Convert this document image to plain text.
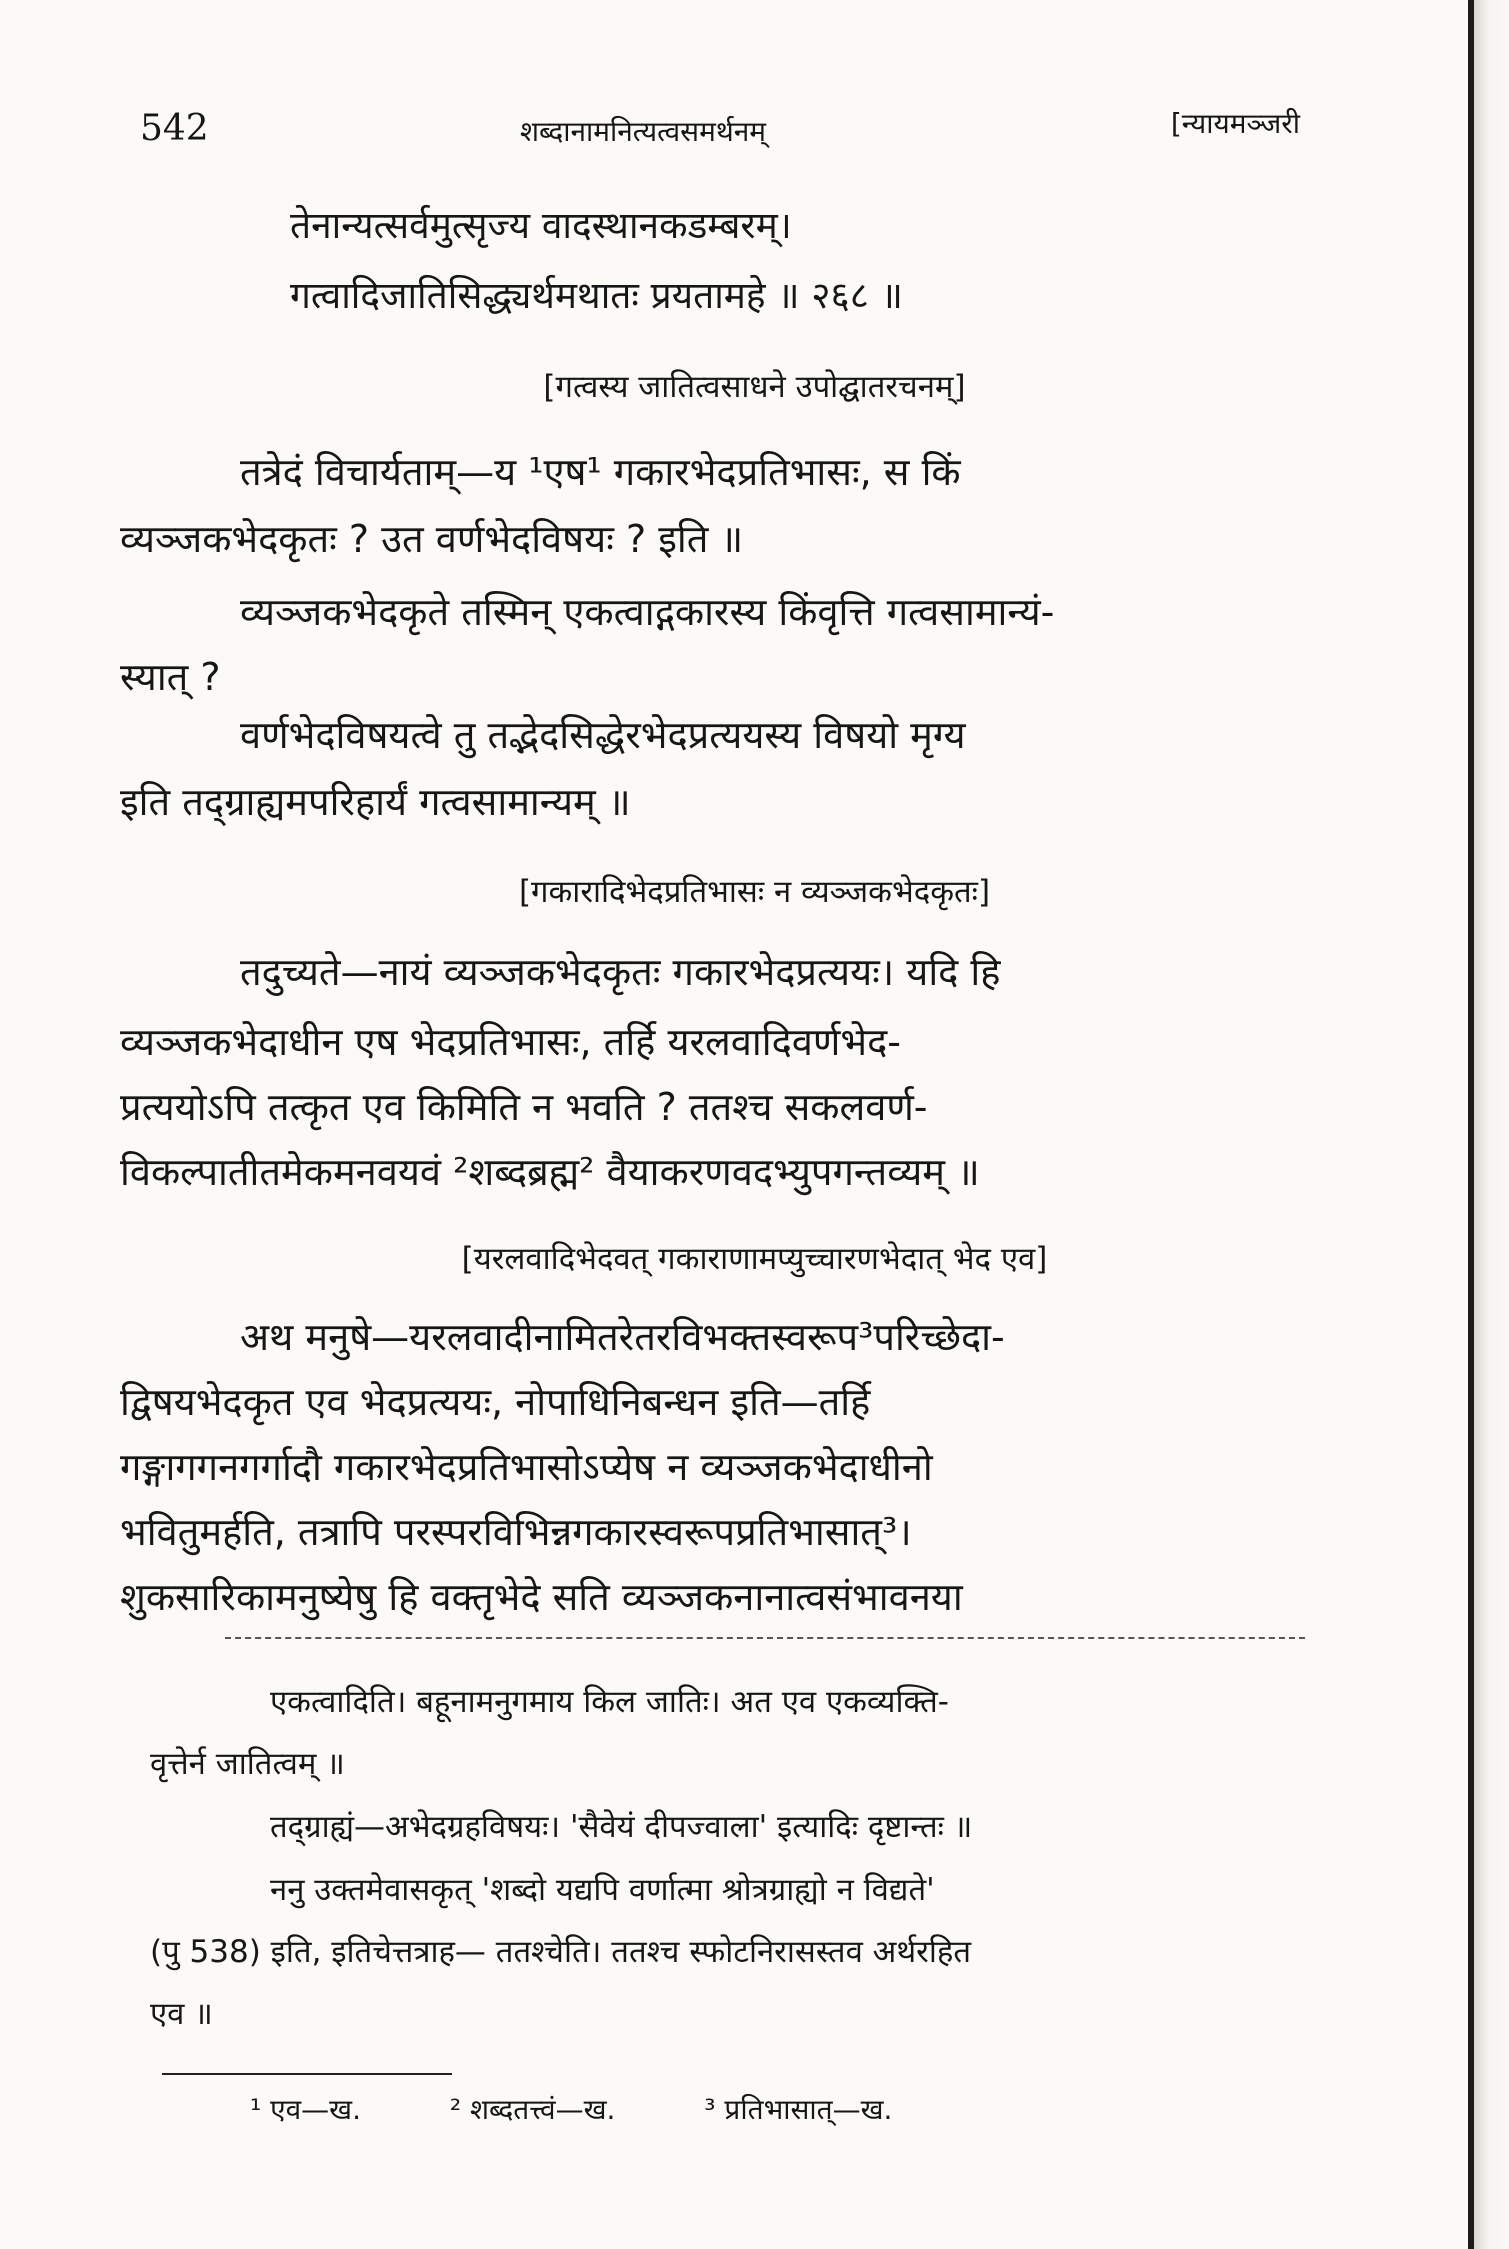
542	शब्दानामनित्यत्वसमर्थनम्	[न्यायमञ्जरी
तेनान्यत्सर्वमुत्सृज्य वादस्थानकडम्बरम्।
गत्वादिजातिसिद्ध्यर्थमथातः प्रयतामहे ॥ २६८ ॥
[गत्वस्य जातित्वसाधने उपोद्घातरचनम्]
तत्रेदं विचार्यताम्—य ¹एष¹ गकारभेदप्रतिभासः, स किं
व्यञ्जकभेदकृतः ? उत वर्णभेदविषयः ? इति ॥
व्यञ्जकभेदकृते तस्मिन् एकत्वाद्गकारस्य किंवृत्ति गत्वसामान्यं-
स्यात् ?
वर्णभेदविषयत्वे तु तद्भेदसिद्धेरभेदप्रत्ययस्य विषयो मृग्य
इति तद्ग्राह्यमपरिहार्यं गत्वसामान्यम् ॥
[गकारादिभेदप्रतिभासः न व्यञ्जकभेदकृतः]
तदुच्यते—नायं व्यञ्जकभेदकृतः गकारभेदप्रत्ययः। यदि हि
व्यञ्जकभेदाधीन एष भेदप्रतिभासः, तर्हि यरलवादिवर्णभेद-
प्रत्ययोऽपि तत्कृत एव किमिति न भवति ? ततश्च सकलवर्ण-
विकल्पातीतमेकमनवयवं ²शब्दब्रह्म² वैयाकरणवदभ्युपगन्तव्यम् ॥
[यरलवादिभेदवत् गकाराणामप्युच्चारणभेदात् भेद एव]
अथ मनुषे—यरलवादीनामितरेतरविभक्तस्वरूप³परिच्छेदा-
द्विषयभेदकृत एव भेदप्रत्ययः, नोपाधिनिबन्धन इति—तर्हि
गङ्गागगनगर्गादौ गकारभेदप्रतिभासोऽप्येष न व्यञ्जकभेदाधीनो
भवितुमर्हति, तत्रापि परस्परविभिन्नगकारस्वरूपप्रतिभासात्³।
शुकसारिकामनुष्येषु हि वक्तृभेदे सति व्यञ्जकनानात्वसंभावनया
एकत्वादिति। बहूनामनुगमाय किल जातिः। अत एव एकव्यक्ति-
वृत्तेर्न जातित्वम् ॥
तद्ग्राह्यं—अभेदग्रहविषयः। 'सैवेयं दीपज्वाला' इत्यादिः दृष्टान्तः ॥
ननु उक्तमेवासकृत् 'शब्दो यद्यपि वर्णात्मा श्रोत्रग्राह्यो न विद्यते'
(पु 538) इति, इतिचेत्तत्राह— ततश्चेति। ततश्च स्फोटनिरासस्तव अर्थरहित
एव ॥
¹ एव—ख.	² शब्दतत्त्वं—ख.	³ प्रतिभासात्—ख.
